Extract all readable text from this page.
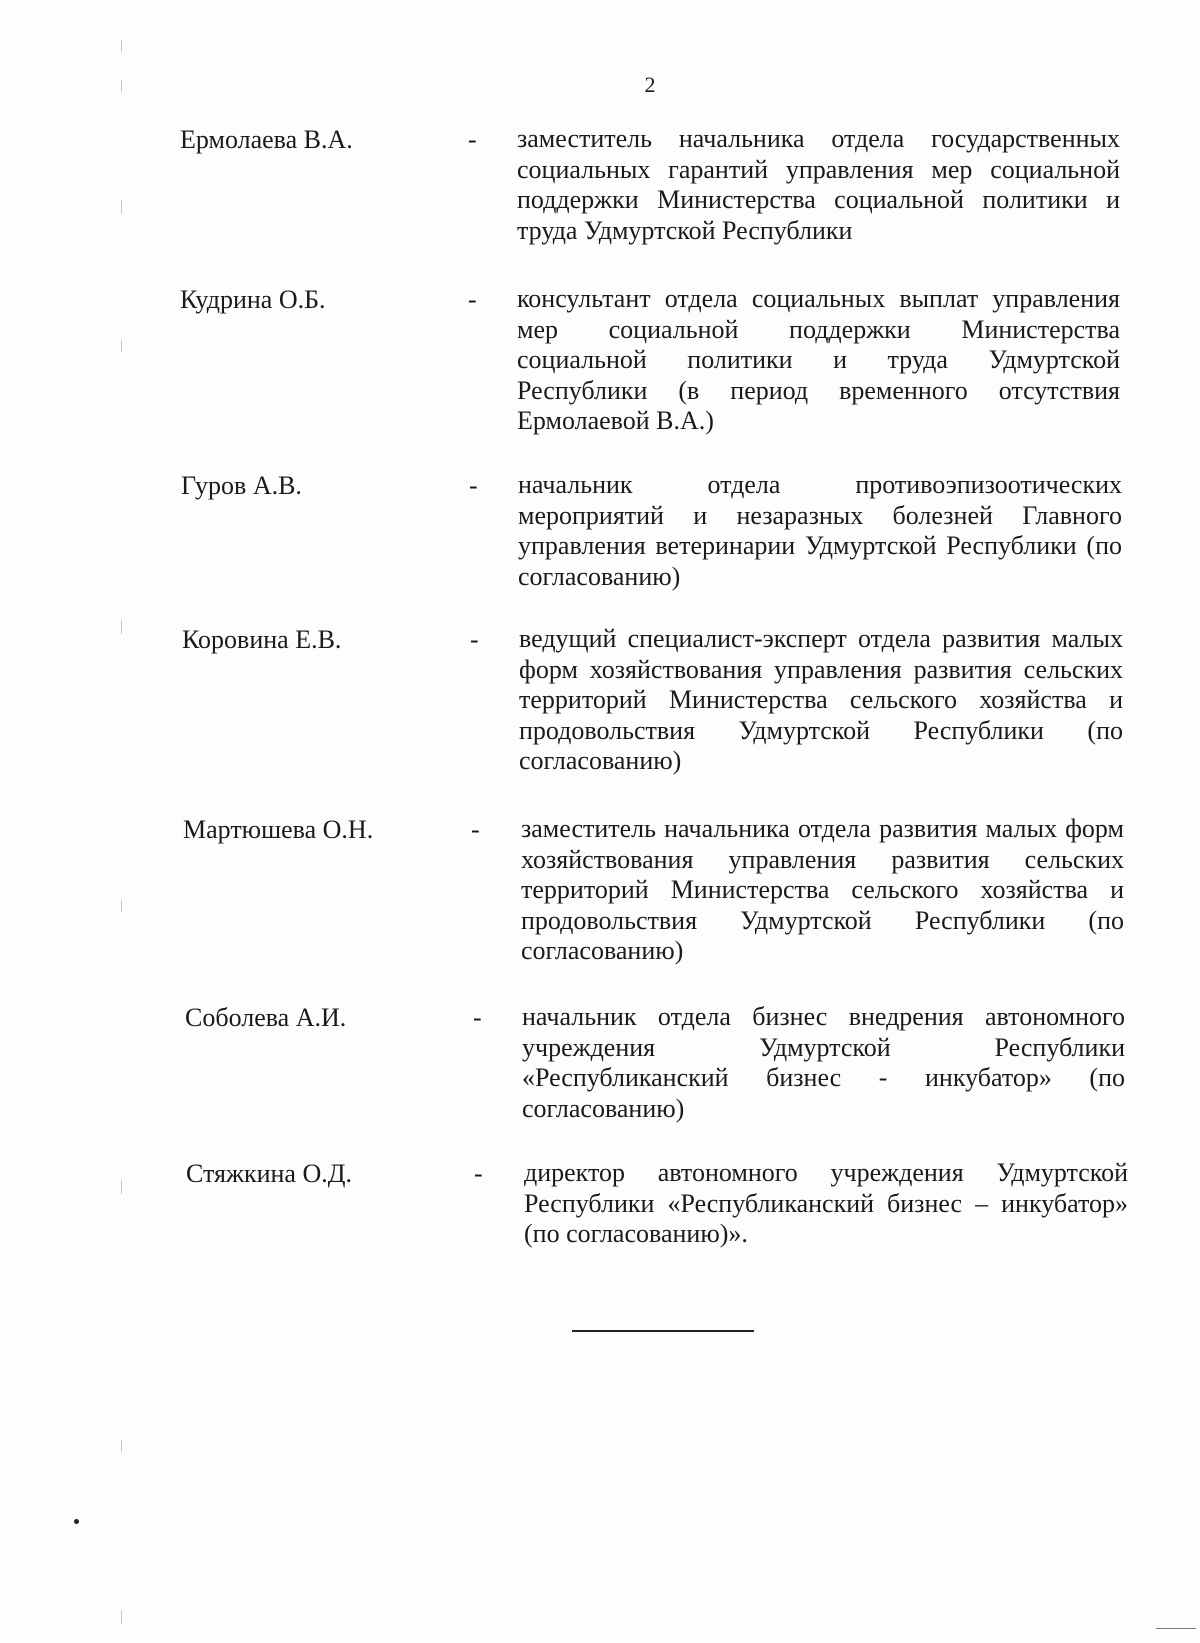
2
Ермолаева В.А.	- заместитель начальника отдела государственных социальных гарантий управления мер социальной поддержки Министерства социальной политики и труда Удмуртской Республики
Кудрина О.Б.	- консультант отдела социальных выплат управления мер социальной поддержки Министерства социальной политики и труда Удмуртской Республики (в период временного отсутствия Ермолаевой В.А.)
Гуров А.В.	- начальник отдела противоэпизоотических мероприятий и незаразных болезней Главного управления ветеринарии Удмуртской Республики (по согласованию)
Коровина Е.В.	- ведущий специалист-эксперт отдела развития малых форм хозяйствования управления развития сельских территорий Министерства сельского хозяйства и продовольствия Удмуртской Республики (по согласованию)
Мартюшева О.Н.	- заместитель начальника отдела развития малых форм хозяйствования управления развития сельских территорий Министерства сельского хозяйства и продовольствия Удмуртской Республики (по согласованию)
Соболева А.И.	- начальник отдела бизнес внедрения автономного учреждения Удмуртской Республики «Республиканский бизнес - инкубатор» (по согласованию)
Стяжкина О.Д.	- директор автономного учреждения Удмуртской Республики «Республиканский бизнес – инкубатор» (по согласованию)».
